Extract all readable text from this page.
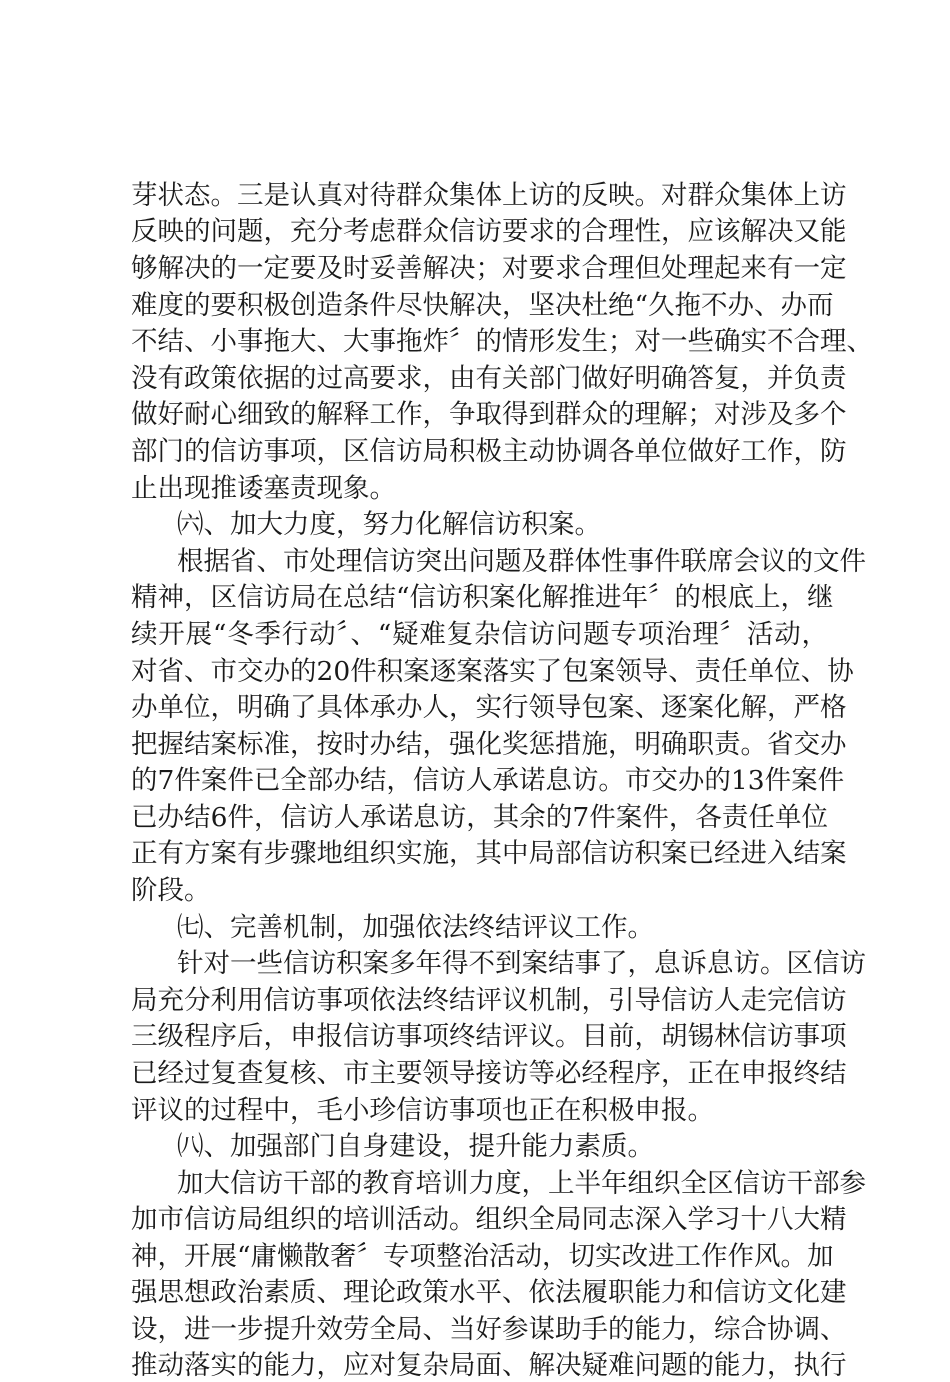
芽状态。三是认真对待群众集体上访的反映。对群众集体上访
反映的问题，充分考虑群众信访要求的合理性，应该解决又能
够解决的一定要及时妥善解决；对要求合理但处理起来有一定
难度的要积极创造条件尽快解决，坚决杜绝“久拖不办、办而
不结、小事拖大、大事拖炸〞的情形发生；对一些确实不合理、
没有政策依据的过高要求，由有关部门做好明确答复，并负责
做好耐心细致的解释工作，争取得到群众的理解；对涉及多个
部门的信访事项，区信访局积极主动协调各单位做好工作，防
止出现推诿塞责现象。
㈥、加大力度，努力化解信访积案。
根据省、市处理信访突出问题及群体性事件联席会议的文件
精神，区信访局在总结“信访积案化解推进年〞的根底上，继
续开展“冬季行动〞、“疑难复杂信访问题专项治理〞活动，
对省、市交办的20件积案逐案落实了包案领导、责任单位、协
办单位，明确了具体承办人，实行领导包案、逐案化解，严格
把握结案标准，按时办结，强化奖惩措施，明确职责。省交办
的7件案件已全部办结，信访人承诺息访。市交办的13件案件
已办结6件，信访人承诺息访，其余的7件案件，各责任单位
正有方案有步骤地组织实施，其中局部信访积案已经进入结案
阶段。
㈦、完善机制，加强依法终结评议工作。
针对一些信访积案多年得不到案结事了，息诉息访。区信访
局充分利用信访事项依法终结评议机制，引导信访人走完信访
三级程序后，申报信访事项终结评议。目前，胡锡林信访事项
已经过复查复核、市主要领导接访等必经程序，正在申报终结
评议的过程中，毛小珍信访事项也正在积极申报。
㈧、加强部门自身建设，提升能力素质。
加大信访干部的教育培训力度，上半年组织全区信访干部参
加市信访局组织的培训活动。组织全局同志深入学习十八大精
神，开展“庸懒散奢〞专项整治活动，切实改进工作作风。加
强思想政治素质、理论政策水平、依法履职能力和信访文化建
设，进一步提升效劳全局、当好参谋助手的能力，综合协调、
推动落实的能力，应对复杂局面、解决疑难问题的能力，执行
